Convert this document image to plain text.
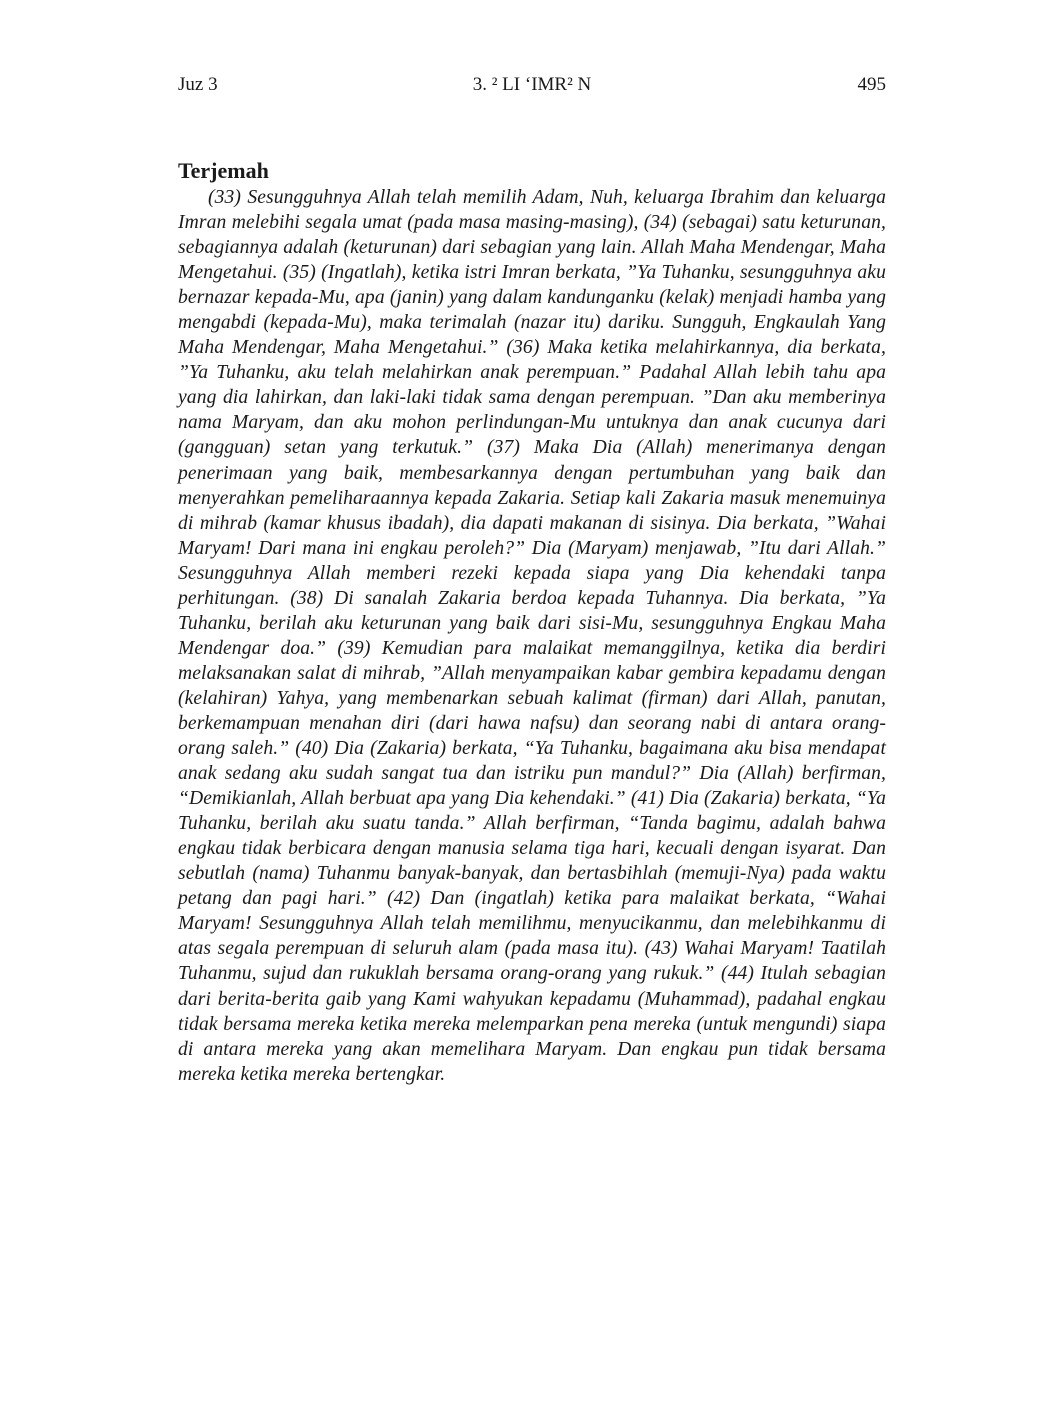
Juz 3	3. ² LI ‘IMR² N	495
Terjemah

(33) Sesungguhnya Allah telah memilih Adam, Nuh, keluarga Ibrahim dan keluarga Imran melebihi segala umat (pada masa masing-masing), (34) (sebagai) satu keturunan, sebagiannya adalah (keturunan) dari sebagian yang lain. Allah Maha Mendengar, Maha Mengetahui. (35) (Ingatlah), ketika istri Imran berkata, ”Ya Tuhanku, sesungguhnya aku bernazar kepada-Mu, apa (janin) yang dalam kandunganku (kelak) menjadi hamba yang mengabdi (kepada-Mu), maka terimalah (nazar itu) dariku. Sungguh, Engkaulah Yang Maha Mendengar, Maha Mengetahui.” (36) Maka ketika melahirkannya, dia berkata, ”Ya Tuhanku, aku telah melahirkan anak perempuan.” Padahal Allah lebih tahu apa yang dia lahirkan, dan laki-laki tidak sama dengan perempuan. ”Dan aku memberinya nama Maryam, dan aku mohon perlindungan-Mu untuknya dan anak cucunya dari (gangguan) setan yang terkutuk.” (37) Maka Dia (Allah) menerimanya dengan penerimaan yang baik, membesarkannya dengan pertumbuhan yang baik dan menyerahkan pemeliharaannya kepada Zakaria. Setiap kali Zakaria masuk menemuinya di mihrab (kamar khusus ibadah), dia dapati makanan di sisinya. Dia berkata, ”Wahai Maryam! Dari mana ini engkau peroleh?” Dia (Maryam) menjawab, ”Itu dari Allah.” Sesungguhnya Allah memberi rezeki kepada siapa yang Dia kehendaki tanpa perhitungan. (38) Di sanalah Zakaria berdoa kepada Tuhannya. Dia berkata, ”Ya Tuhanku, berilah aku keturunan yang baik dari sisi-Mu, sesungguhnya Engkau Maha Mendengar doa.” (39) Kemudian para malaikat memanggilnya, ketika dia berdiri melaksanakan salat di mihrab, ”Allah menyampaikan kabar gembira kepadamu dengan (kelahiran) Yahya, yang membenarkan sebuah kalimat (firman) dari Allah, panutan, berkemampuan menahan diri (dari hawa nafsu) dan seorang nabi di antara orang-orang saleh.” (40) Dia (Zakaria) berkata, “Ya Tuhanku, bagaimana aku bisa mendapat anak sedang aku sudah sangat tua dan istriku pun mandul?” Dia (Allah) berfirman, “Demikianlah, Allah berbuat apa yang Dia kehendaki.” (41) Dia (Zakaria) berkata, “Ya Tuhanku, berilah aku suatu tanda.” Allah berfirman, “Tanda bagimu, adalah bahwa engkau tidak berbicara dengan manusia selama tiga hari, kecuali dengan isyarat. Dan sebutlah (nama) Tuhanmu banyak-banyak, dan bertasbihlah (memuji-Nya) pada waktu petang dan pagi hari.” (42) Dan (ingatlah) ketika para malaikat berkata, “Wahai Maryam! Sesungguhnya Allah telah memilihmu, menyucikanmu, dan melebihkanmu di atas segala perempuan di seluruh alam (pada masa itu). (43) Wahai Maryam! Taatilah Tuhanmu, sujud dan rukuklah bersama orang-orang yang rukuk.” (44) Itulah sebagian dari berita-berita gaib yang Kami wahyukan kepadamu (Muhammad), padahal engkau tidak bersama mereka ketika mereka melemparkan pena mereka (untuk mengundi) siapa di antara mereka yang akan memelihara Maryam. Dan engkau pun tidak bersama mereka ketika mereka bertengkar.
